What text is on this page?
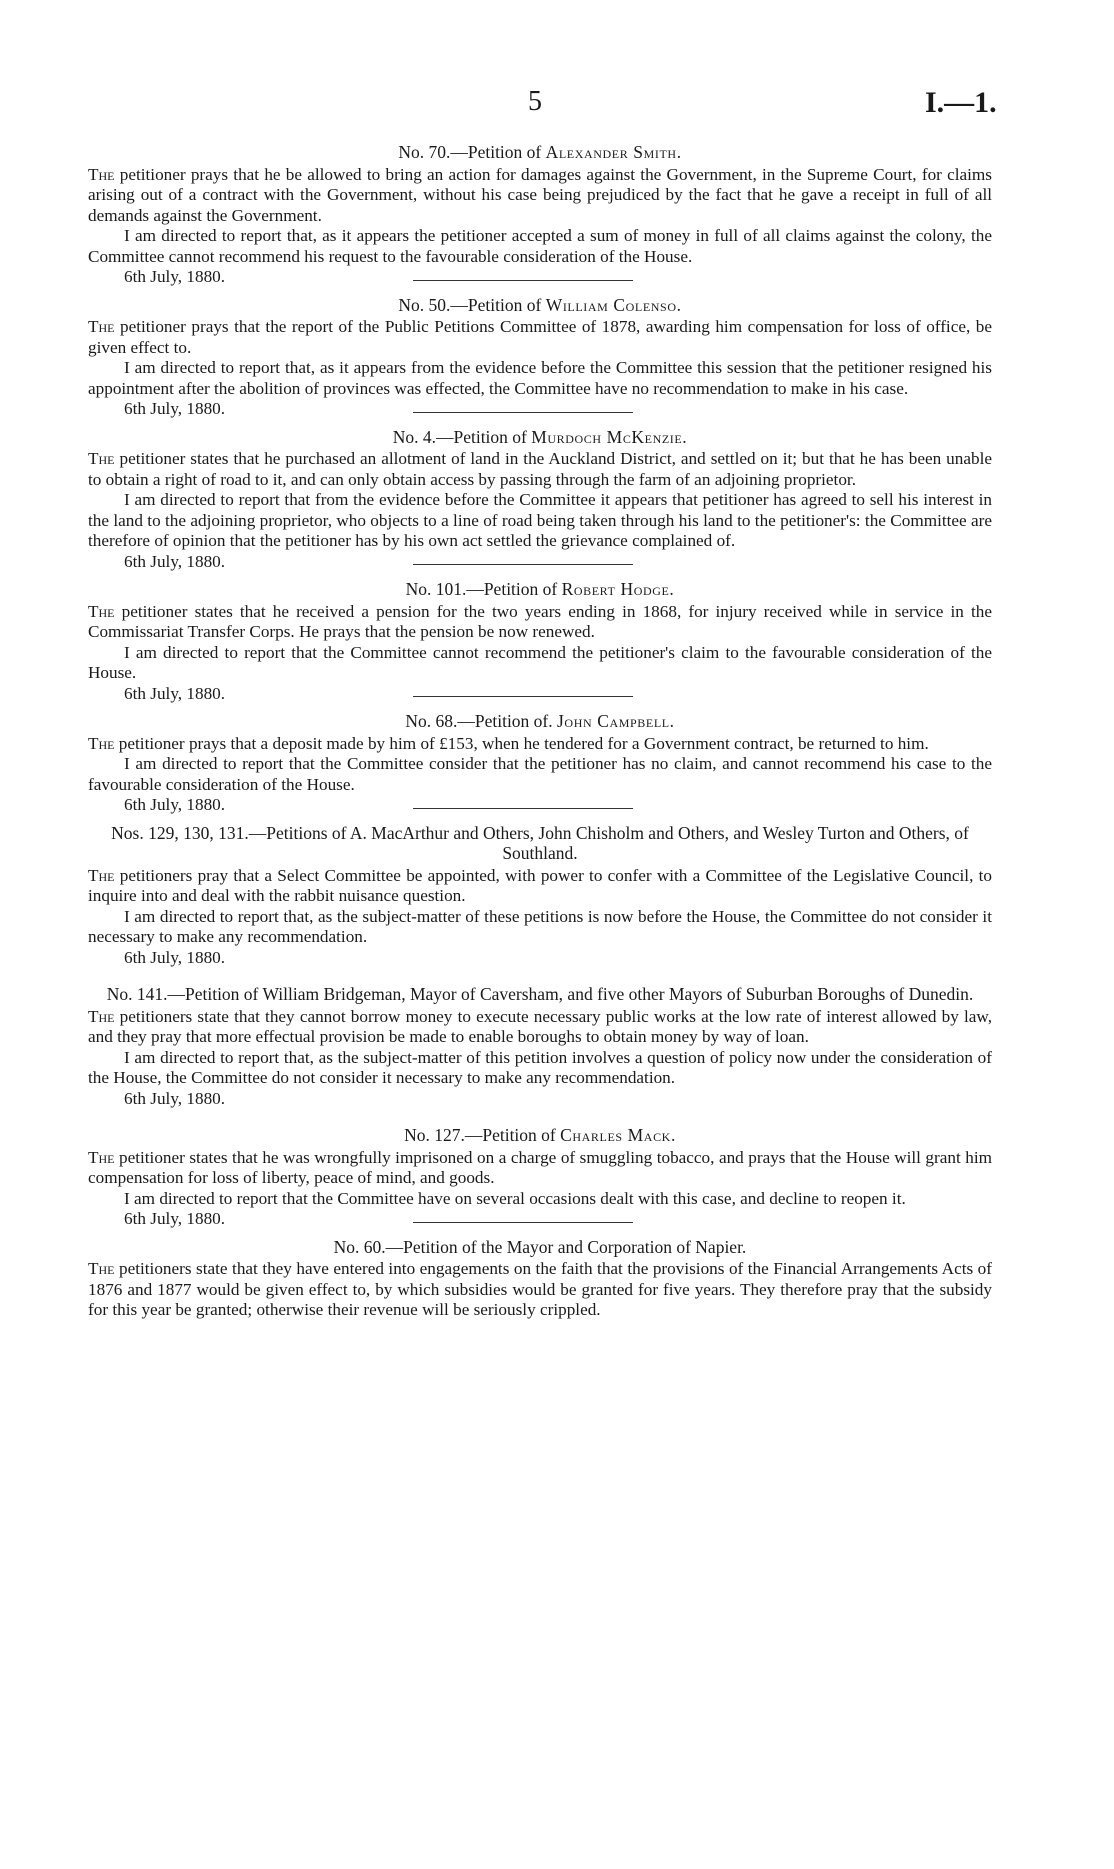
5	I.—1.

No. 70.—Petition of Alexander Smith.

The petitioner prays that he be allowed to bring an action for damages against the Government, in the Supreme Court, for claims arising out of a contract with the Government, without his case being prejudiced by the fact that he gave a receipt in full of all demands against the Government.

I am directed to report that, as it appears the petitioner accepted a sum of money in full of all claims against the colony, the Committee cannot recommend his request to the favourable consideration of the House.

6th July, 1880.

No. 50.—Petition of William Colenso.

The petitioner prays that the report of the Public Petitions Committee of 1878, awarding him compensation for loss of office, be given effect to.

I am directed to report that, as it appears from the evidence before the Committee this session that the petitioner resigned his appointment after the abolition of provinces was effected, the Committee have no recommendation to make in his case.

6th July, 1880.

No. 4.—Petition of Murdoch McKenzie.

The petitioner states that he purchased an allotment of land in the Auckland District, and settled on it; but that he has been unable to obtain a right of road to it, and can only obtain access by passing through the farm of an adjoining proprietor.

I am directed to report that from the evidence before the Committee it appears that petitioner has agreed to sell his interest in the land to the adjoining proprietor, who objects to a line of road being taken through his land to the petitioner's: the Committee are therefore of opinion that the petitioner has by his own act settled the grievance complained of.

6th July, 1880.

No. 101.—Petition of Robert Hodge.

The petitioner states that he received a pension for the two years ending in 1868, for injury received while in service in the Commissariat Transfer Corps. He prays that the pension be now renewed.

I am directed to report that the Committee cannot recommend the petitioner's claim to the favourable consideration of the House.

6th July, 1880.

No. 68.—Petition of. John Campbell.

The petitioner prays that a deposit made by him of £153, when he tendered for a Government contract, be returned to him.

I am directed to report that the Committee consider that the petitioner has no claim, and cannot recommend his case to the favourable consideration of the House.

6th July, 1880.

Nos. 129, 130, 131.—Petitions of A. MacArthur and Others, John Chisholm and Others, and Wesley Turton and Others, of Southland.

The petitioners pray that a Select Committee be appointed, with power to confer with a Committee of the Legislative Council, to inquire into and deal with the rabbit nuisance question.

I am directed to report that, as the subject-matter of these petitions is now before the House, the Committee do not consider it necessary to make any recommendation.

6th July, 1880.

No. 141.—Petition of William Bridgeman, Mayor of Caversham, and five other Mayors of Suburban Boroughs of Dunedin.

The petitioners state that they cannot borrow money to execute necessary public works at the low rate of interest allowed by law, and they pray that more effectual provision be made to enable boroughs to obtain money by way of loan.

I am directed to report that, as the subject-matter of this petition involves a question of policy now under the consideration of the House, the Committee do not consider it necessary to make any recommendation.

6th July, 1880.

No. 127.—Petition of Charles Mack.

The petitioner states that he was wrongfully imprisoned on a charge of smuggling tobacco, and prays that the House will grant him compensation for loss of liberty, peace of mind, and goods.

I am directed to report that the Committee have on several occasions dealt with this case, and decline to reopen it.

6th July, 1880.

No. 60.—Petition of the Mayor and Corporation of Napier.

The petitioners state that they have entered into engagements on the faith that the provisions of the Financial Arrangements Acts of 1876 and 1877 would be given effect to, by which subsidies would be granted for five years. They therefore pray that the subsidy for this year be granted; otherwise their revenue will be seriously crippled.
